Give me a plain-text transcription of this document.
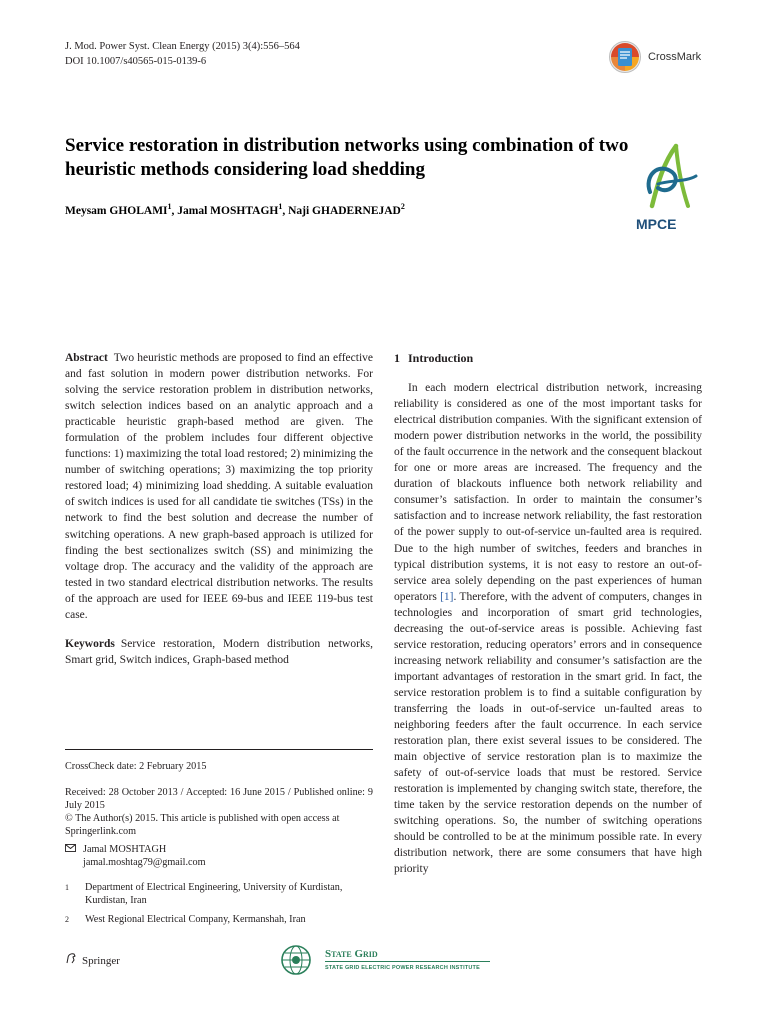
J. Mod. Power Syst. Clean Energy (2015) 3(4):556–564
DOI 10.1007/s40565-015-0139-6	CrossMark
Service restoration in distribution networks using combination of two heuristic methods considering load shedding
Meysam GHOLAMI$^1$, Jamal MOSHTAGH$^1$, Naji GHADERNEJAD$^2$
MPCE

Abstract Two heuristic methods are proposed to find an effective and fast solution in modern power distribution networks. For solving the service restoration problem in distribution networks, switch selection indices based on an analytic approach and a practicable heuristic graph-based method are given. The formulation of the problem includes four different objective functions: 1) maximizing the total load restored; 2) minimizing the number of switching operations; 3) maximizing the top priority restored load; 4) minimizing load shedding. A suitable evaluation of switch indices is used for all candidate tie switches (TSs) in the network to find the best solution and decrease the number of switching operations. A new graph-based approach is utilized for finding the best sectionalizes switch (SS) and minimizing the voltage drop. The accuracy and the validity of the approach are tested in two standard electrical distribution networks. The results of the approach are used for IEEE 69-bus and IEEE 119-bus test case.

Keywords Service restoration, Modern distribution networks, Smart grid, Switch indices, Graph-based method

CrossCheck date: 2 February 2015
Received: 28 October 2013 / Accepted: 16 June 2015 / Published online: 9 July 2015
© The Author(s) 2015. This article is published with open access at Springerlink.com
Jamal MOSHTAGH
jamal.moshtag79@gmail.com
1 Department of Electrical Engineering, University of Kurdistan, Kurdistan, Iran
2 West Regional Electrical Company, Kermanshah, Iran
1 Introduction

In each modern electrical distribution network, increasing reliability is considered as one of the most important tasks for electrical distribution companies. With the significant extension of modern power distribution networks in the world, the possibility of the fault occurrence in the network and the consequent blackout for one or more areas are increased. The frequency and the duration of blackouts influence both network reliability and consumer’s satisfaction. In order to maintain the consumer’s satisfaction and to increase network reliability, the fast restoration of the power supply to out-of-service un-faulted area is required. Due to the high number of switches, feeders and branches in typical distribution systems, it is not easy to restore an out-of-service area solely depending on the past experiences of human operators [1]. Therefore, with the advent of computers, changes in technologies and incorporation of smart grid technologies, decreasing the out-of-service areas is possible. Achieving fast service restoration, reducing operators’ errors and in consequence increasing network reliability and consumer’s satisfaction are the important advantages of restoration in the smart grid. In fact, the service restoration problem is to find a suitable configuration by transferring the loads in out-of-service un-faulted areas to neighboring feeders after the fault occurrence. In each service restoration plan, there exist several issues to be considered. The main objective of service restoration plan is to maximize the safety of out-of-service loads that must be restored. Service restoration is implemented by changing switch state, therefore, the time taken by the service restoration depends on the number of switching operations. So, the number of switching operations should be controlled to be at the minimum possible rate. In every distribution network, there are some consumers that have high priority

Springer
State Grid
STATE GRID ELECTRIC POWER RESEARCH INSTITUTE
